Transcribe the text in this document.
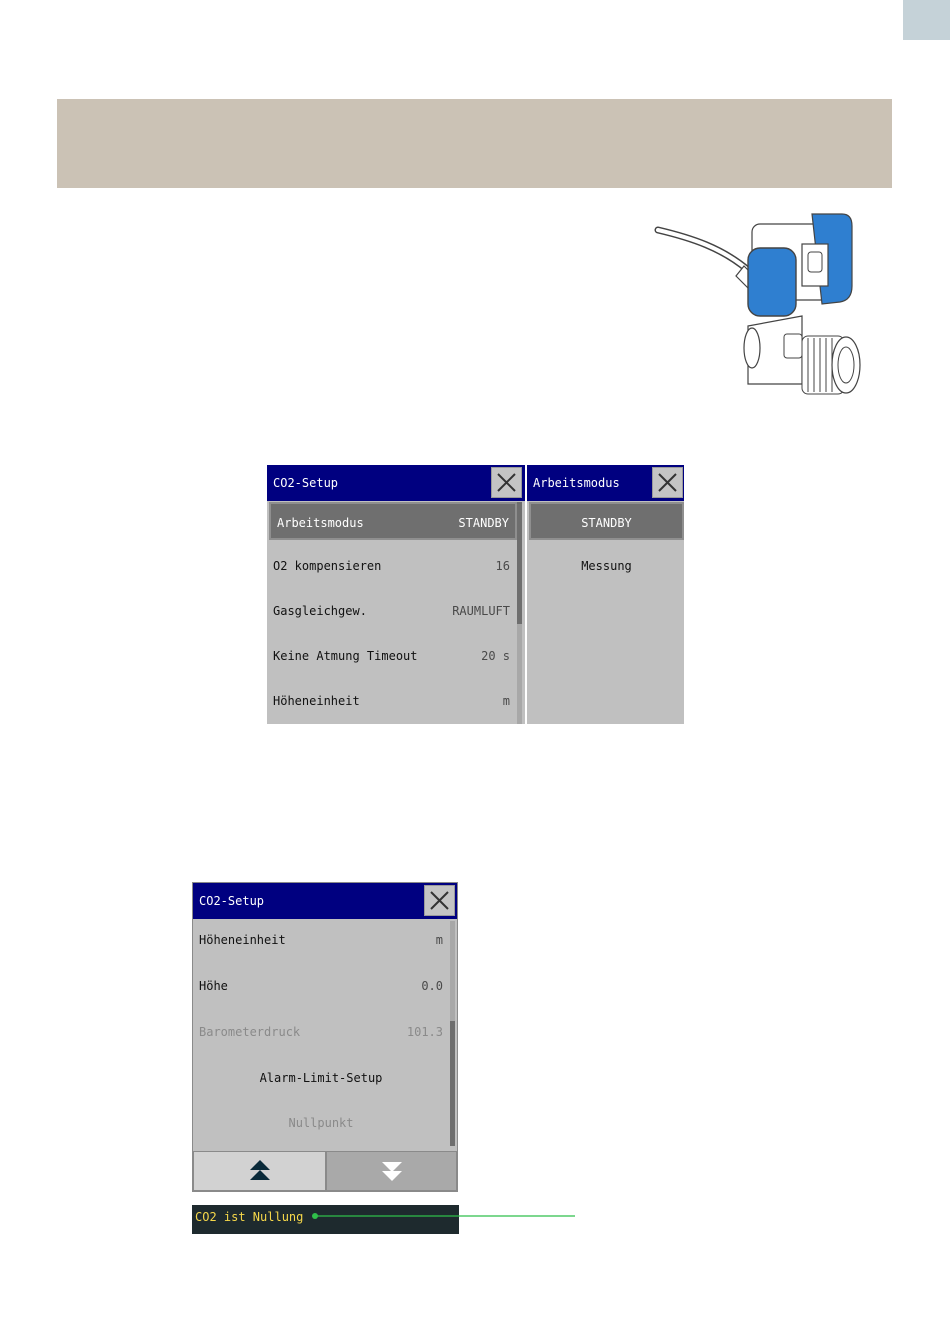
CO2-Setup
Arbeitsmodus	STANDBY
O2 kompensieren	16
Gasgleichgew.	RAUMLUFT
Keine Atmung Timeout	20 s
Höheneinheit	m
Arbeitsmodus
STANDBY
Messung
CO2-Setup
Höheneinheit	m
Höhe	0.0
Barometerdruck	101.3
Alarm-Limit-Setup
Nullpunkt
CO2 ist Nullung
